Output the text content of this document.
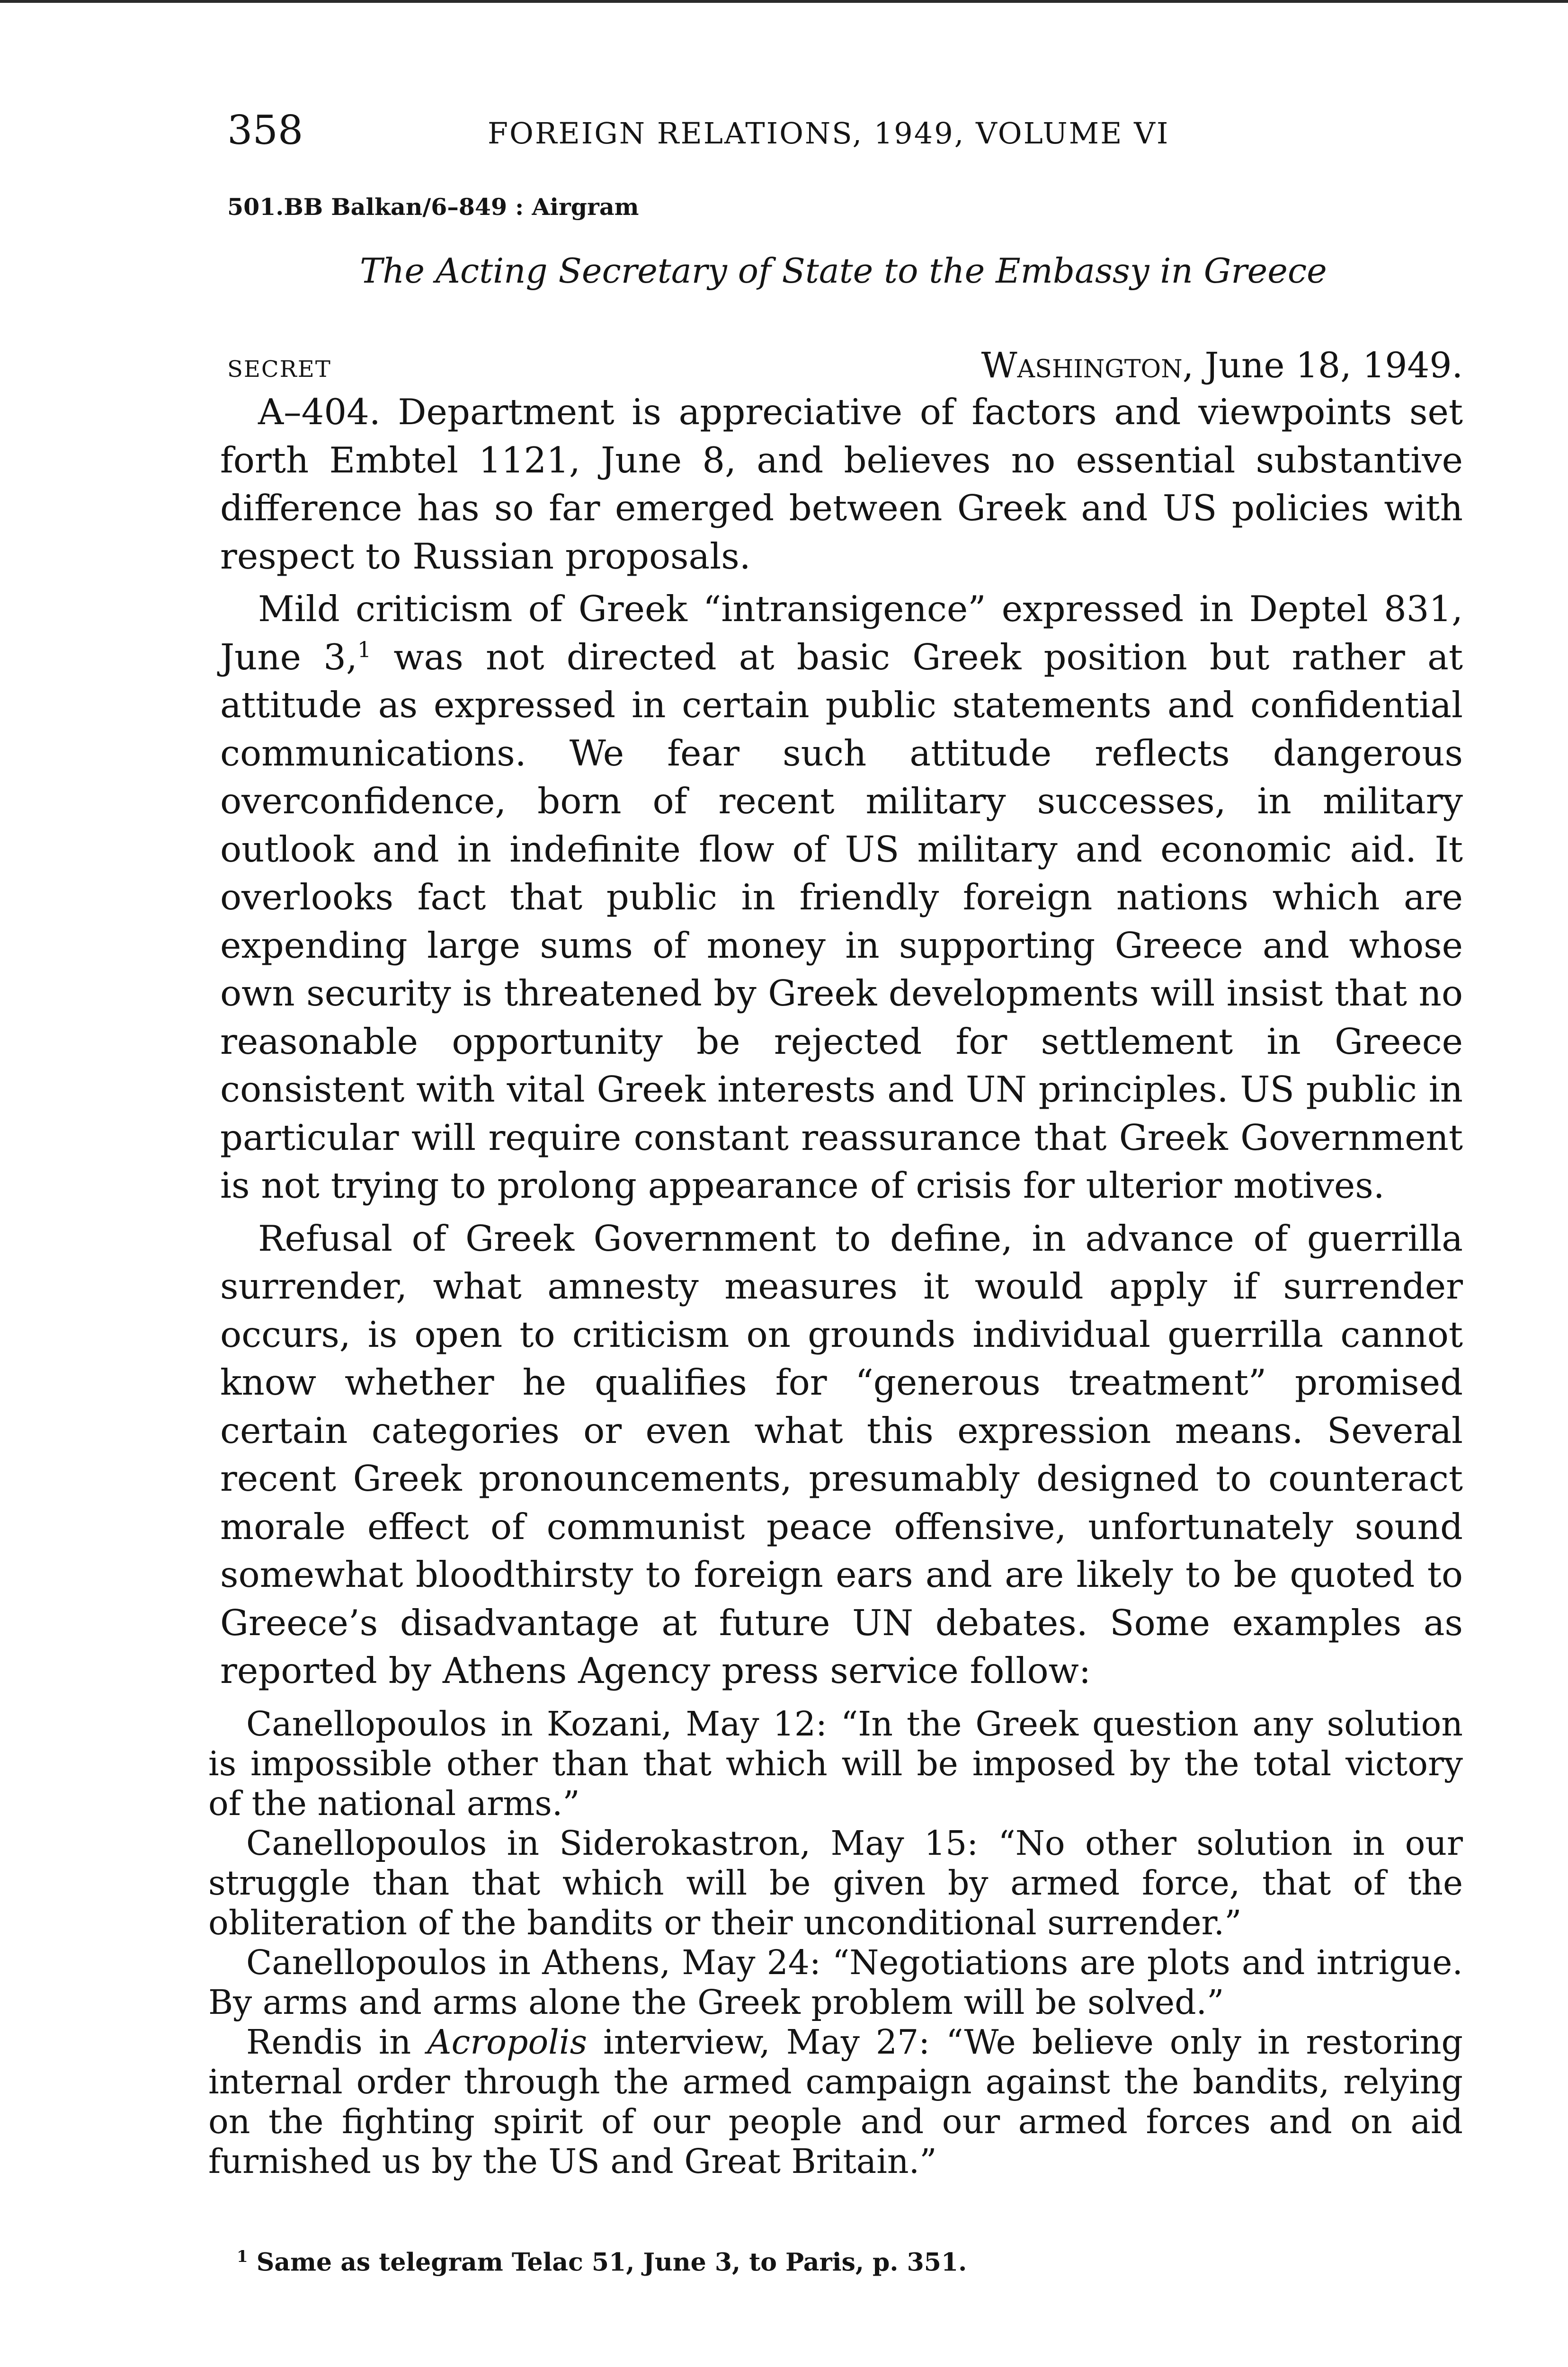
358	FOREIGN RELATIONS, 1949, VOLUME VI
501.BB Balkan/6–849 : Airgram
The Acting Secretary of State to the Embassy in Greece
SECRET	Washington, June 18, 1949.

A–404. Department is appreciative of factors and viewpoints set forth Embtel 1121, June 8, and believes no essential substantive difference has so far emerged between Greek and US policies with respect to Russian proposals.

Mild criticism of Greek “intransigence” expressed in Deptel 831, June 3,$^1$ was not directed at basic Greek position but rather at attitude as expressed in certain public statements and confidential communications. We fear such attitude reflects dangerous overconfidence, born of recent military successes, in military outlook and in indefinite flow of US military and economic aid. It overlooks fact that public in friendly foreign nations which are expending large sums of money in supporting Greece and whose own security is threatened by Greek developments will insist that no reasonable opportunity be rejected for settlement in Greece consistent with vital Greek interests and UN principles. US public in particular will require constant reassurance that Greek Government is not trying to prolong appearance of crisis for ulterior motives.

Refusal of Greek Government to define, in advance of guerrilla surrender, what amnesty measures it would apply if surrender occurs, is open to criticism on grounds individual guerrilla cannot know whether he qualifies for “generous treatment” promised certain categories or even what this expression means. Several recent Greek pronouncements, presumably designed to counteract morale effect of communist peace offensive, unfortunately sound somewhat bloodthirsty to foreign ears and are likely to be quoted to Greece’s disadvantage at future UN debates. Some examples as reported by Athens Agency press service follow:

Canellopoulos in Kozani, May 12: “In the Greek question any solution is impossible other than that which will be imposed by the total victory of the national arms.”

Canellopoulos in Siderokastron, May 15: “No other solution in our struggle than that which will be given by armed force, that of the obliteration of the bandits or their unconditional surrender.”

Canellopoulos in Athens, May 24: “Negotiations are plots and intrigue. By arms and arms alone the Greek problem will be solved.”

Rendis in Acropolis interview, May 27: “We believe only in restoring internal order through the armed campaign against the bandits, relying on the fighting spirit of our people and our armed forces and on aid furnished us by the US and Great Britain.”

$^1$ Same as telegram Telac 51, June 3, to Paris, p. 351.
